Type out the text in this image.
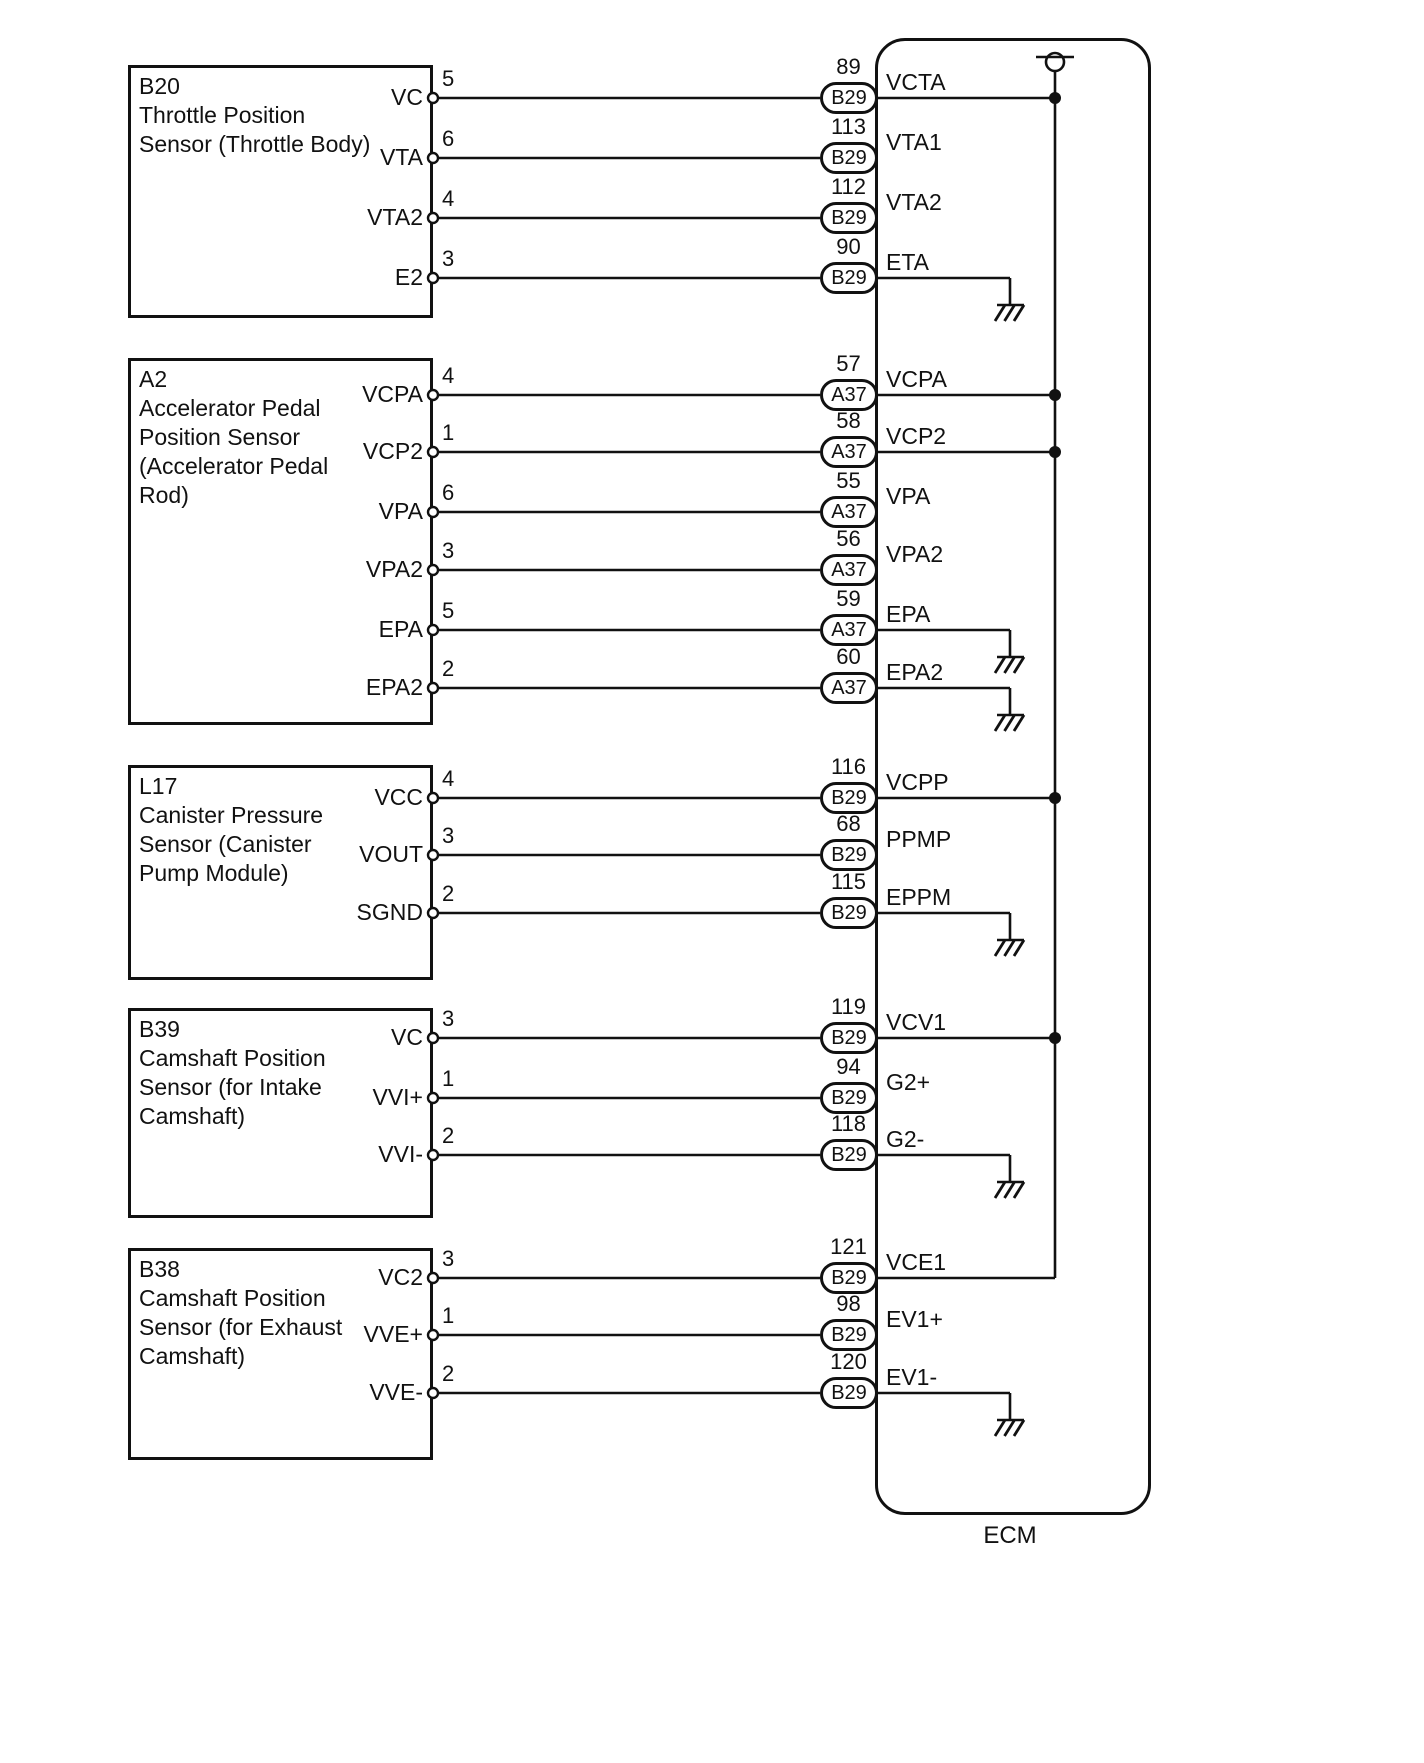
ECM
B20
Throttle Position Sensor (Throttle Body)
A2
Accelerator Pedal Position Sensor (Accelerator Pedal Rod)
L17
Canister Pressure Sensor (Canister Pump Module)
B39
Camshaft Position Sensor (for Intake Camshaft)
B38
Camshaft Position Sensor (for Exhaust Camshaft)
VC
5	89
B29
VCTA
VTA
6	113
B29
VTA1
VTA2
4	112
B29
VTA2
E2
3	90
B29
ETA
VCPA
4	57
A37
VCPA
VCP2
1	58
A37
VCP2
VPA
6	55
A37
VPA
VPA2
3	56
A37
VPA2
EPA
5	59
A37
EPA
EPA2
2	60
A37
EPA2
VCC
4	116
B29
VCPP
VOUT
3	68
B29
PPMP
SGND
2	115
B29
EPPM
VC
3	119
B29
VCV1
VVI+
1	94
B29
G2+
VVI-
2	118
B29
G2-
VC2
3	121
B29
VCE1
VVE+
1	98
B29
EV1+
VVE-
2	120
B29
EV1-
